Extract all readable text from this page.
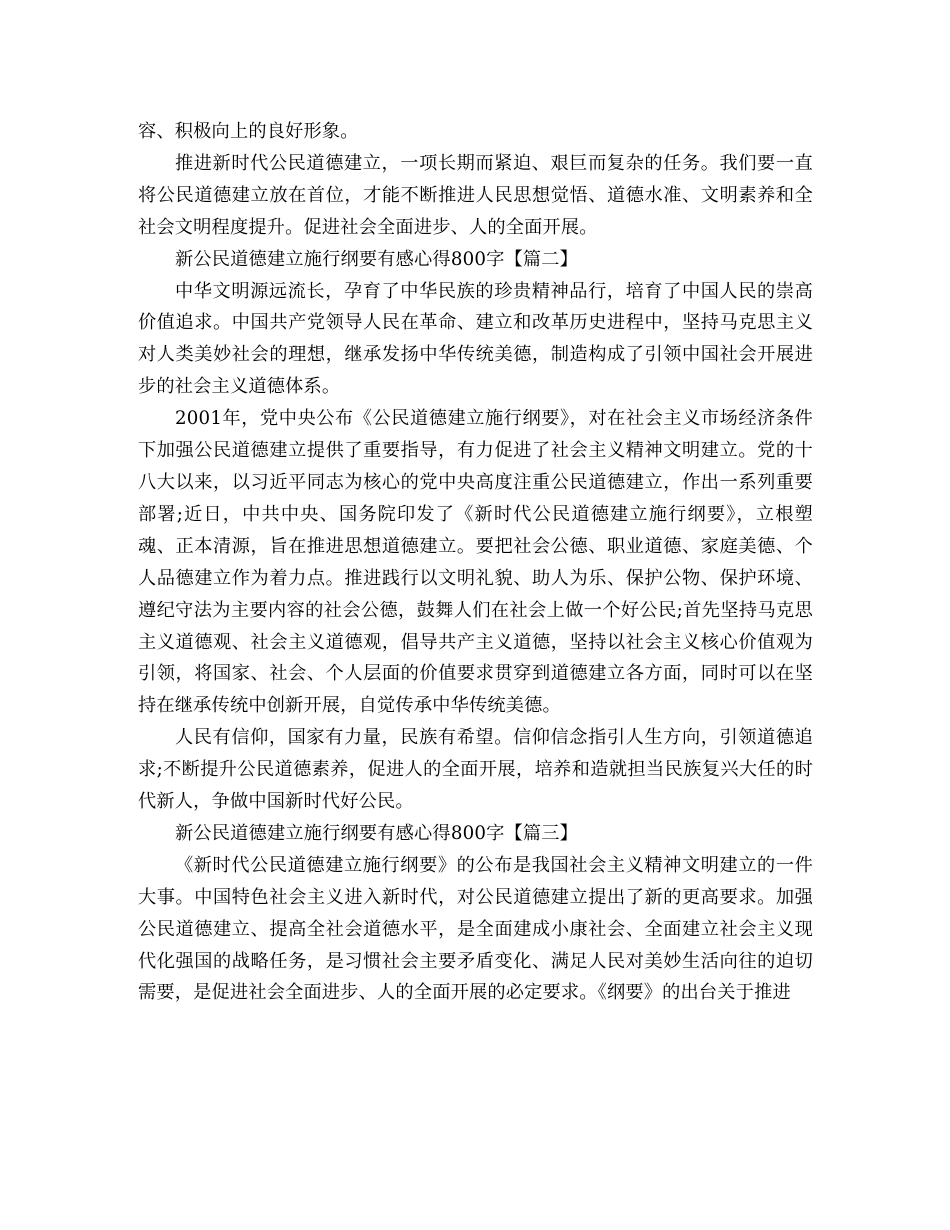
容、积极向上的良好形象。

推进新时代公民道德建立，一项长期而紧迫、艰巨而复杂的任务。我们要一直将公民道德建立放在首位，才能不断推进人民思想觉悟、道德水准、文明素养和全社会文明程度提升。促进社会全面进步、人的全面开展。

新公民道德建立施行纲要有感心得800字【篇二】

中华文明源远流长，孕育了中华民族的珍贵精神品行，培育了中国人民的崇高价值追求。中国共产党领导人民在革命、建立和改革历史进程中，坚持马克思主义对人类美妙社会的理想，继承发扬中华传统美德，制造构成了引领中国社会开展进步的社会主义道德体系。

2001年，党中央公布《公民道德建立施行纲要》，对在社会主义市场经济条件下加强公民道德建立提供了重要指导，有力促进了社会主义精神文明建立。党的十八大以来，以习近平同志为核心的党中央高度注重公民道德建立，作出一系列重要部署;近日，中共中央、国务院印发了《新时代公民道德建立施行纲要》，立根塑魂、正本清源，旨在推进思想道德建立。要把社会公德、职业道德、家庭美德、个人品德建立作为着力点。推进践行以文明礼貌、助人为乐、保护公物、保护环境、遵纪守法为主要内容的社会公德，鼓舞人们在社会上做一个好公民;首先坚持马克思主义道德观、社会主义道德观，倡导共产主义道德，坚持以社会主义核心价值观为引领，将国家、社会、个人层面的价值要求贯穿到道德建立各方面，同时可以在坚持在继承传统中创新开展，自觉传承中华传统美德。

人民有信仰，国家有力量，民族有希望。信仰信念指引人生方向，引领道德追求;不断提升公民道德素养，促进人的全面开展，培养和造就担当民族复兴大任的时代新人，争做中国新时代好公民。

新公民道德建立施行纲要有感心得800字【篇三】

《新时代公民道德建立施行纲要》的公布是我国社会主义精神文明建立的一件大事。中国特色社会主义进入新时代，对公民道德建立提出了新的更高要求。加强公民道德建立、提高全社会道德水平，是全面建成小康社会、全面建立社会主义现代化强国的战略任务，是习惯社会主要矛盾变化、满足人民对美妙生活向往的迫切需要，是促进社会全面进步、人的全面开展的必定要求。《纲要》的出台关于推进
